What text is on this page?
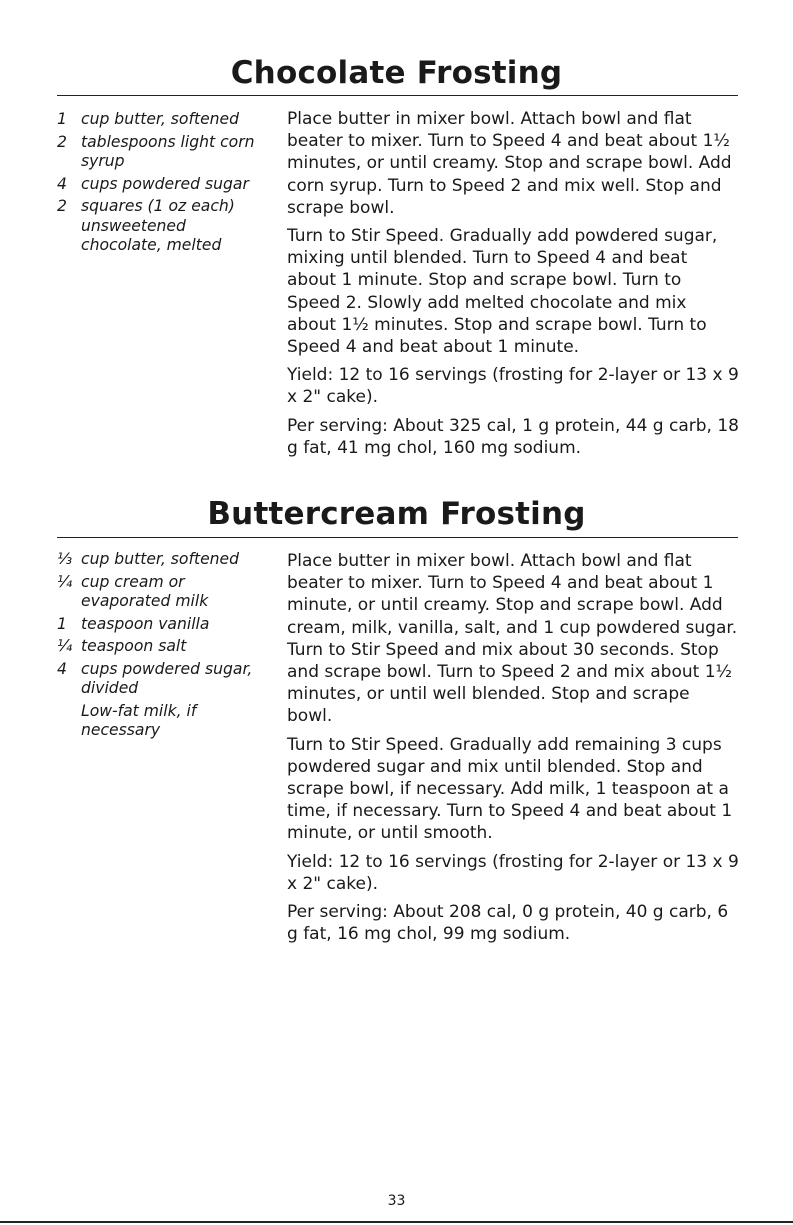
Chocolate Frosting
1 cup butter, softened
2 tablespoons light corn syrup
4 cups powdered sugar
2 squares (1 oz each) unsweetened chocolate, melted

Place butter in mixer bowl. Attach bowl and flat beater to mixer. Turn to Speed 4 and beat about 1½ minutes, or until creamy. Stop and scrape bowl. Add corn syrup. Turn to Speed 2 and mix well. Stop and scrape bowl.

Turn to Stir Speed. Gradually add powdered sugar, mixing until blended. Turn to Speed 4 and beat about 1 minute. Stop and scrape bowl. Turn to Speed 2. Slowly add melted chocolate and mix about 1½ minutes. Stop and scrape bowl. Turn to Speed 4 and beat about 1 minute.

Yield: 12 to 16 servings (frosting for 2-layer or 13 x 9 x 2" cake).

Per serving: About 325 cal, 1 g protein, 44 g carb, 18 g fat, 41 mg chol, 160 mg sodium.

Buttercream Frosting
⅓ cup butter, softened
¼ cup cream or evaporated milk
1 teaspoon vanilla
¼ teaspoon salt
4 cups powdered sugar, divided
Low-fat milk, if necessary

Place butter in mixer bowl. Attach bowl and flat beater to mixer. Turn to Speed 4 and beat about 1 minute, or until creamy. Stop and scrape bowl. Add cream, milk, vanilla, salt, and 1 cup powdered sugar. Turn to Stir Speed and mix about 30 seconds. Stop and scrape bowl. Turn to Speed 2 and mix about 1½ minutes, or until well blended. Stop and scrape bowl.

Turn to Stir Speed. Gradually add remaining 3 cups powdered sugar and mix until blended. Stop and scrape bowl, if necessary. Add milk, 1 teaspoon at a time, if necessary. Turn to Speed 4 and beat about 1 minute, or until smooth.

Yield: 12 to 16 servings (frosting for 2-layer or 13 x 9 x 2" cake).

Per serving: About 208 cal, 0 g protein, 40 g carb, 6 g fat, 16 mg chol, 99 mg sodium.

33
